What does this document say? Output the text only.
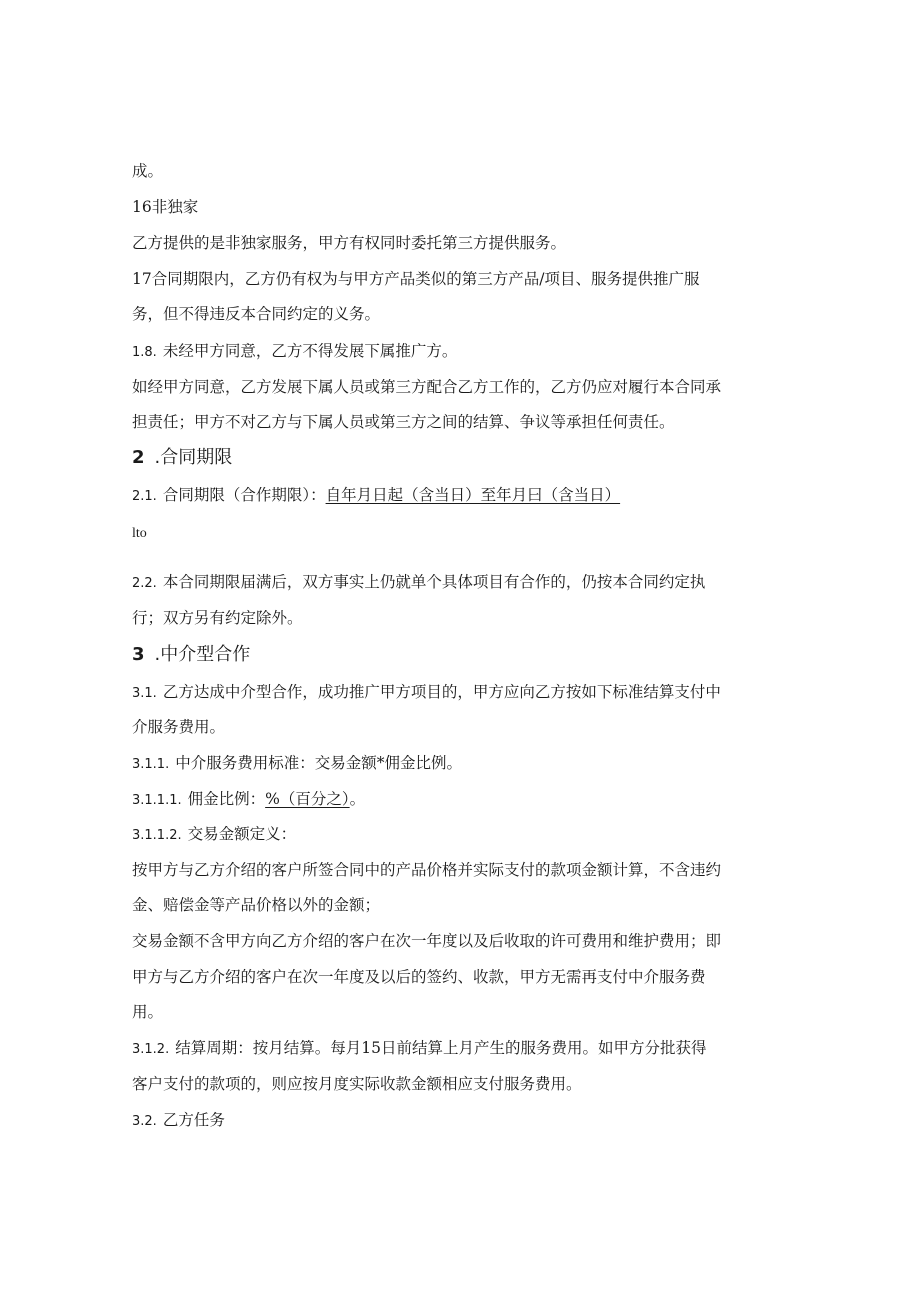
成。
16非独家
乙方提供的是非独家服务，甲方有权同时委托第三方提供服务。
17合同期限内，乙方仍有权为与甲方产品类似的第三方产品/项目、服务提供推广服
务，但不得违反本合同约定的义务。
1.8. 未经甲方同意，乙方不得发展下属推广方。
如经甲方同意，乙方发展下属人员或第三方配合乙方工作的，乙方仍应对履行本合同承
担责任；甲方不对乙方与下属人员或第三方之间的结算、争议等承担任何责任。
2 .合同期限
2.1. 合同期限（合作期限）：自年月日起（含当日）至年月曰（含当日）
lto
2.2. 本合同期限届满后，双方事实上仍就单个具体项目有合作的，仍按本合同约定执
行；双方另有约定除外。
3 .中介型合作
3.1. 乙方达成中介型合作，成功推广甲方项目的，甲方应向乙方按如下标准结算支付中
介服务费用。
3.1.1. 中介服务费用标准：交易金额*佣金比例。
3.1.1.1. 佣金比例：%（百分之）。
3.1.1.2. 交易金额定义：
按甲方与乙方介绍的客户所签合同中的产品价格并实际支付的款项金额计算，不含违约
金、赔偿金等产品价格以外的金额；
交易金额不含甲方向乙方介绍的客户在次一年度以及后收取的许可费用和维护费用；即
甲方与乙方介绍的客户在次一年度及以后的签约、收款，甲方无需再支付中介服务费
用。
3.1.2. 结算周期：按月结算。每月15日前结算上月产生的服务费用。如甲方分批获得
客户支付的款项的，则应按月度实际收款金额相应支付服务费用。
3.2. 乙方任务
